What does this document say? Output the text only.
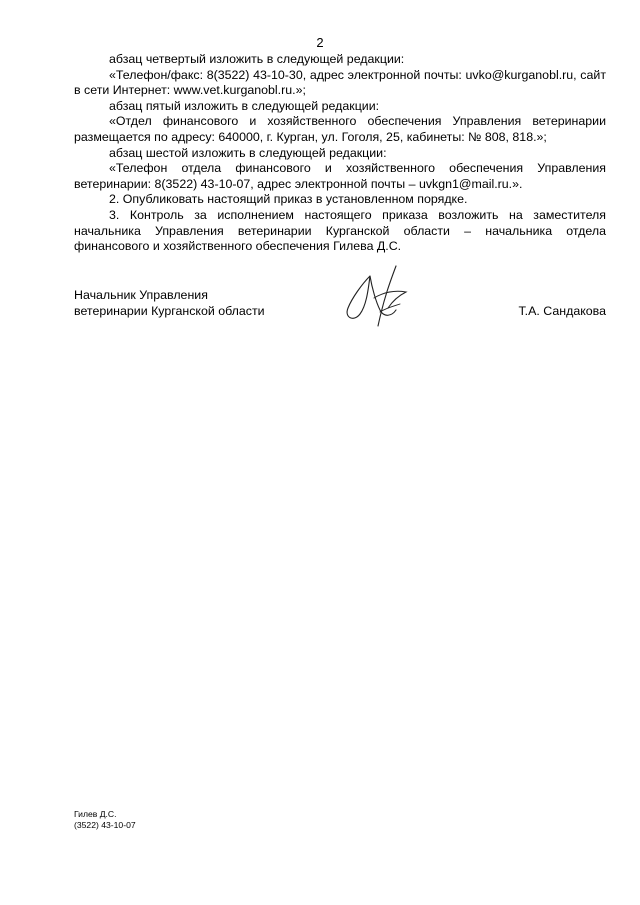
2

абзац четвертый изложить в следующей редакции:

«Телефон/факс: 8(3522) 43-10-30, адрес электронной почты: uvko@kurganobl.ru, сайт в сети Интернет: www.vet.kurganobl.ru.»;

абзац пятый изложить в следующей редакции:

«Отдел финансового и хозяйственного обеспечения Управления ветеринарии размещается по адресу: 640000, г. Курган, ул. Гоголя, 25, кабинеты: № 808, 818.»;

абзац шестой изложить в следующей редакции:

«Телефон отдела финансового и хозяйственного обеспечения Управления ветеринарии: 8(3522) 43-10-07, адрес электронной почты – uvkgn1@mail.ru.».

2. Опубликовать настоящий приказ в установленном порядке.

3. Контроль за исполнением настоящего приказа возложить на заместителя начальника Управления ветеринарии Курганской области – начальника отдела финансового и хозяйственного обеспечения Гилева Д.С.

Начальник Управления
ветеринарии Курганской области	Т.А. Сандакова
Гилев Д.С.
(3522) 43-10-07
